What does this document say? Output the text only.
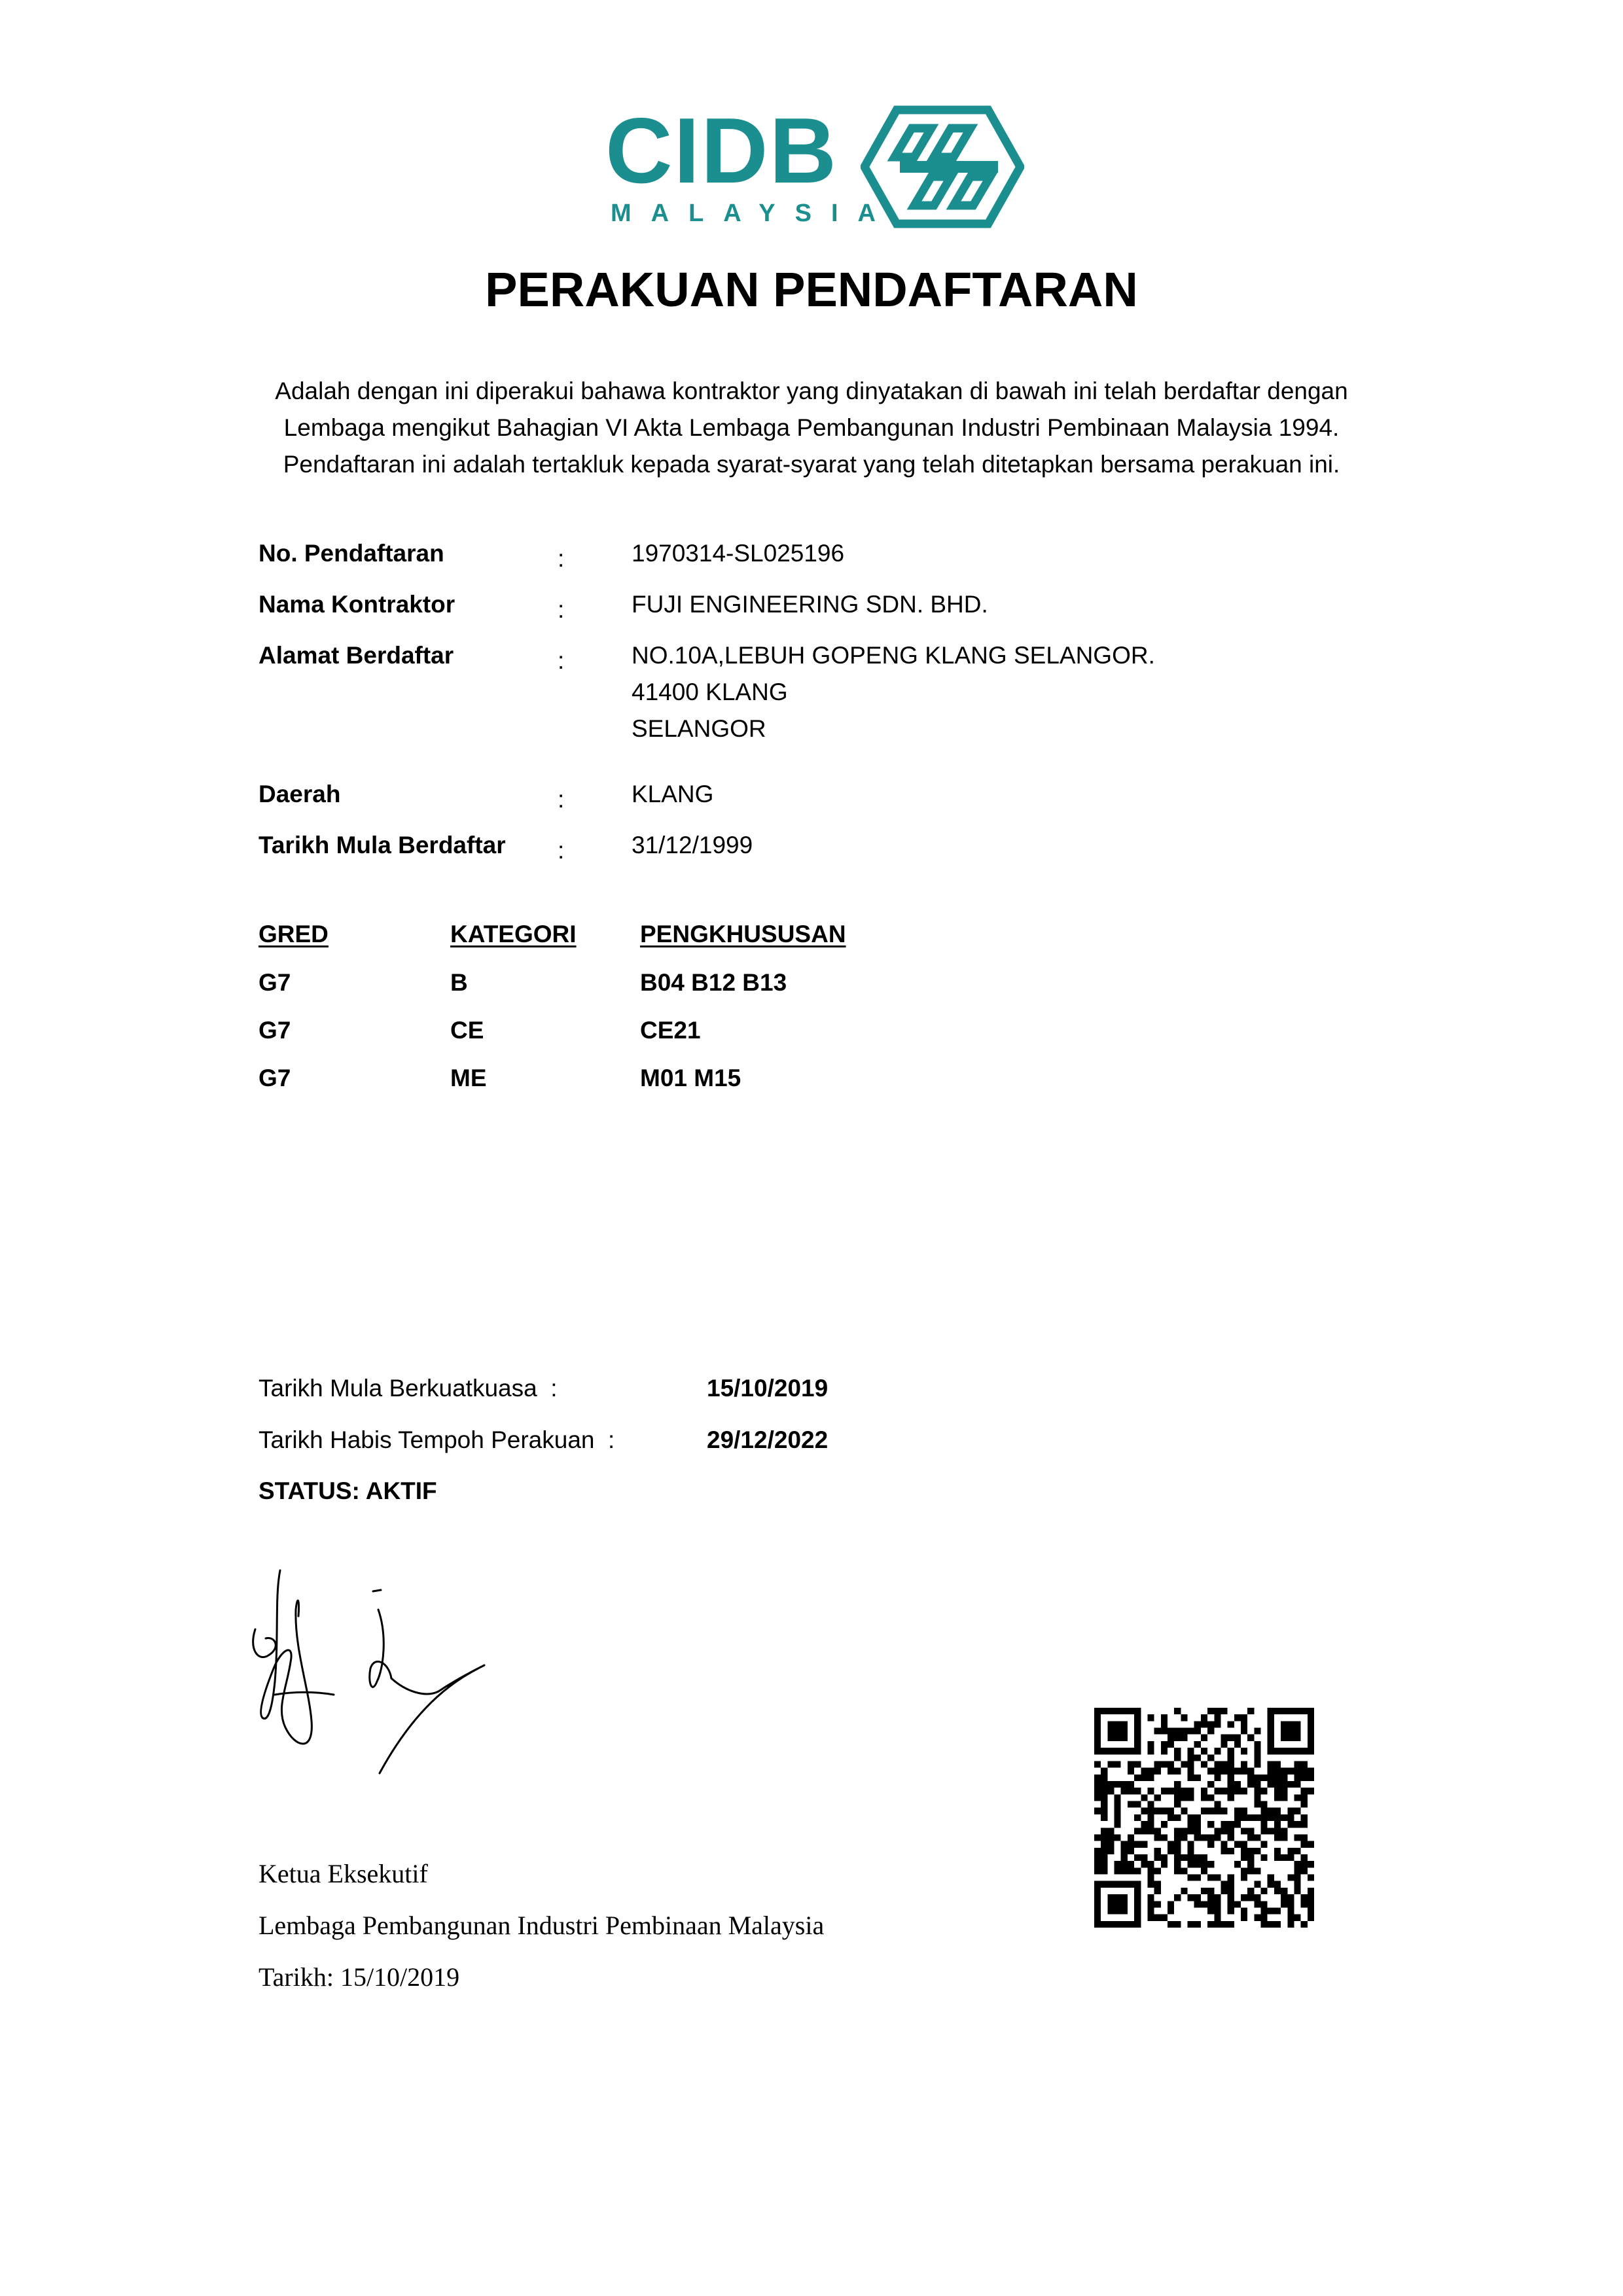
CIDB
MALAYSIA
PERAKUAN PENDAFTARAN
Adalah dengan ini diperakui bahawa kontraktor yang dinyatakan di bawah ini telah berdaftar dengan
Lembaga mengikut Bahagian VI Akta Lembaga Pembangunan Industri Pembinaan Malaysia 1994.
Pendaftaran ini adalah tertakluk kepada syarat-syarat yang telah ditetapkan bersama perakuan ini.
No. Pendaftaran	:	1970314-SL025196
Nama Kontraktor	:	FUJI ENGINEERING SDN. BHD.
Alamat Berdaftar	:	NO.10A,LEBUH GOPENG KLANG SELANGOR.
41400 KLANG
SELANGOR
Daerah	:	KLANG
Tarikh Mula Berdaftar :	31/12/1999
GRED	KATEGORI	PENGKHUSUSAN
G7	B	B04 B12 B13
G7	CE	CE21
G7	ME	M01 M15
Tarikh Mula Berkuatkuasa  :	15/10/2019
Tarikh Habis Tempoh Perakuan  :	29/12/2022
STATUS: AKTIF
Ketua Eksekutif
Lembaga Pembangunan Industri Pembinaan Malaysia
Tarikh: 15/10/2019
